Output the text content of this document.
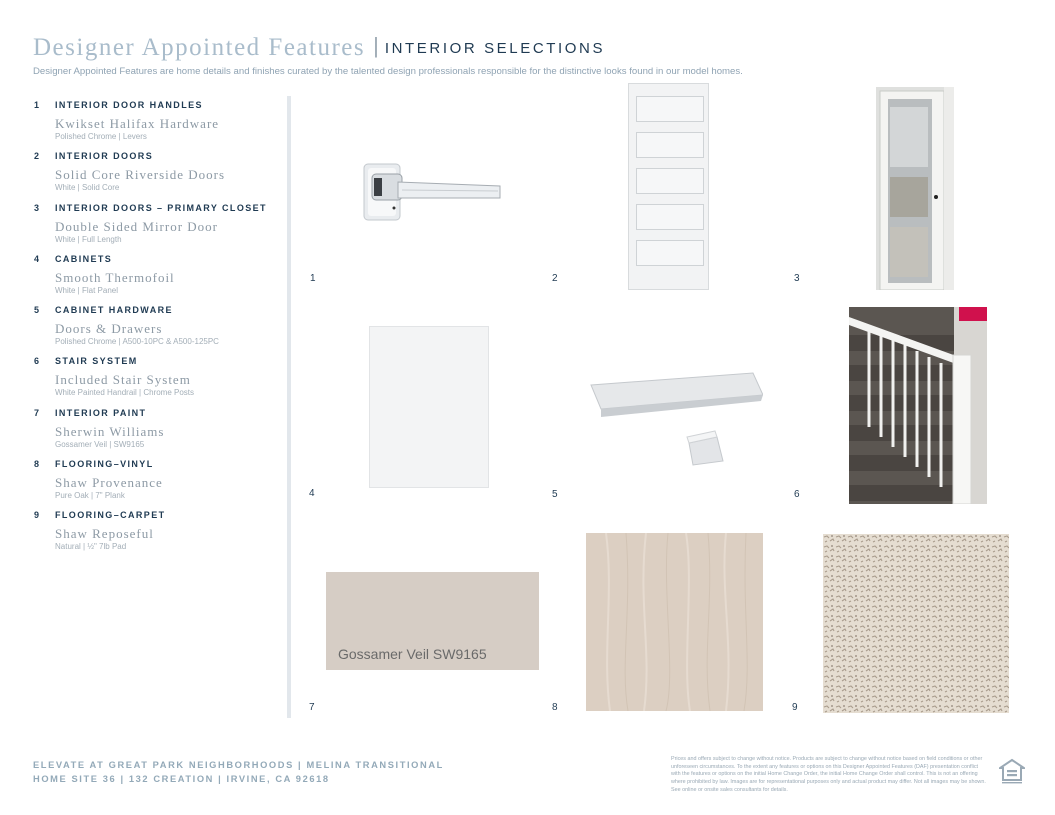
Designer Appointed Features | INTERIOR SELECTIONS
Designer Appointed Features are home details and finishes curated by the talented design professionals responsible for the distinctive looks found in our model homes.
1 INTERIOR DOOR HANDLES
Kwikset Halifax Hardware
Polished Chrome | Levers
2 INTERIOR DOORS
Solid Core Riverside Doors
White | Solid Core
3 INTERIOR DOORS – PRIMARY CLOSET
Double Sided Mirror Door
White | Full Length
4 CABINETS
Smooth Thermofoil
White | Flat Panel
5 CABINET HARDWARE
Doors & Drawers
Polished Chrome | A500-10PC & A500-125PC
6 STAIR SYSTEM
Included Stair System
White Painted Handrail | Chrome Posts
7 INTERIOR PAINT
Sherwin Williams
Gossamer Veil | SW9165
8 FLOORING–VINYL
Shaw Provenance
Pure Oak | 7" Plank
9 FLOORING–CARPET
Shaw Reposeful
Natural | ½" 7lb Pad
Gossamer Veil SW9165
1	2	3
4	5	6
7	8	9
ELEVATE AT GREAT PARK NEIGHBORHOODS | MELINA TRANSITIONAL
HOME SITE 36 | 132 CREATION | IRVINE, CA 92618
Prices and offers subject to change without notice. Products are subject to change without notice based on field conditions or other unforeseen circumstances. To the extent any features or options on this Designer Appointed Features (DAF) presentation conflict with the features or options on the initial Home Change Order, the initial Home Change Order shall control. This is not an offering where prohibited by law. Images are for representational purposes only and actual product may differ. Not all images may be shown. See online or onsite sales consultants for details.
